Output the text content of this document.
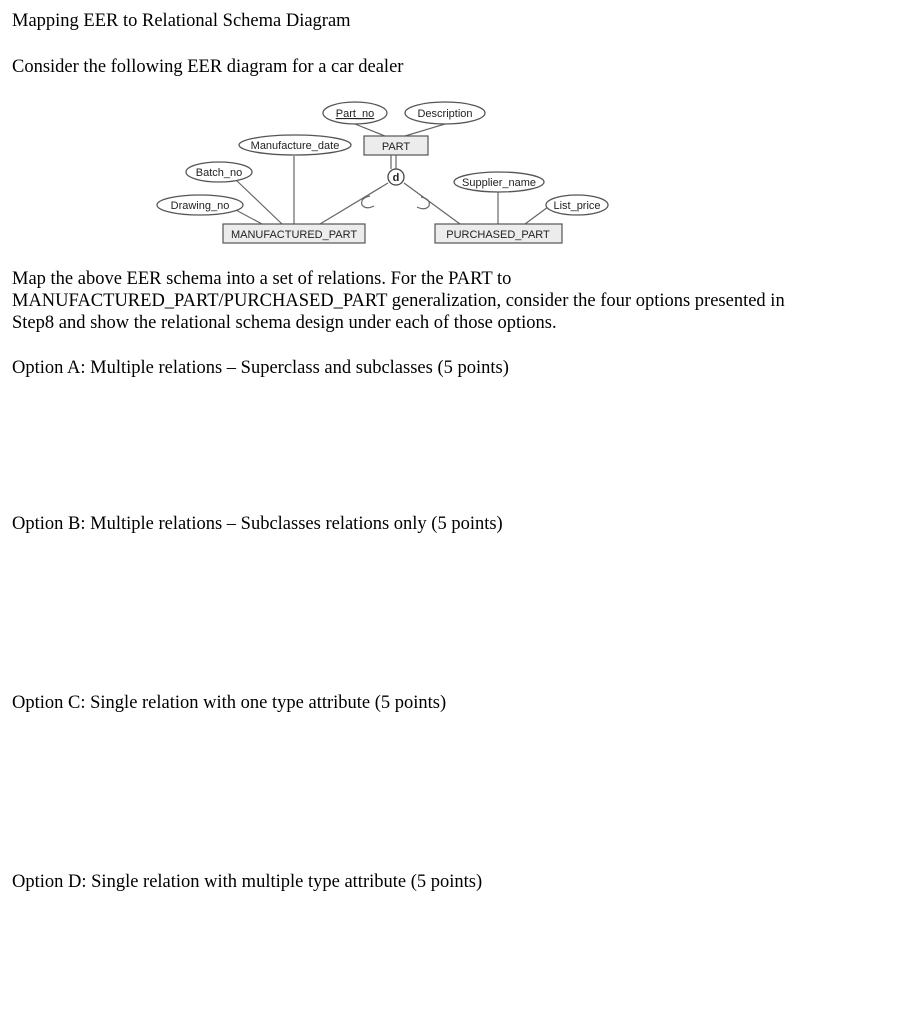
Mapping EER to Relational Schema Diagram

Consider the following EER diagram for a car dealer

Part_no	Description
PART
Manufacture_date
Batch_no
Drawing_no
d	Supplier_name
List_price
MANUFACTURED_PART	PURCHASED_PART
Map the above EER schema into a set of relations. For the PART to
MANUFACTURED_PART/PURCHASED_PART generalization, consider the four options presented in
Step8 and show the relational schema design under each of those options.

Option A: Multiple relations – Superclass and subclasses (5 points)

Option B: Multiple relations – Subclasses relations only (5 points)

Option C: Single relation with one type attribute (5 points)

Option D: Single relation with multiple type attribute (5 points)
